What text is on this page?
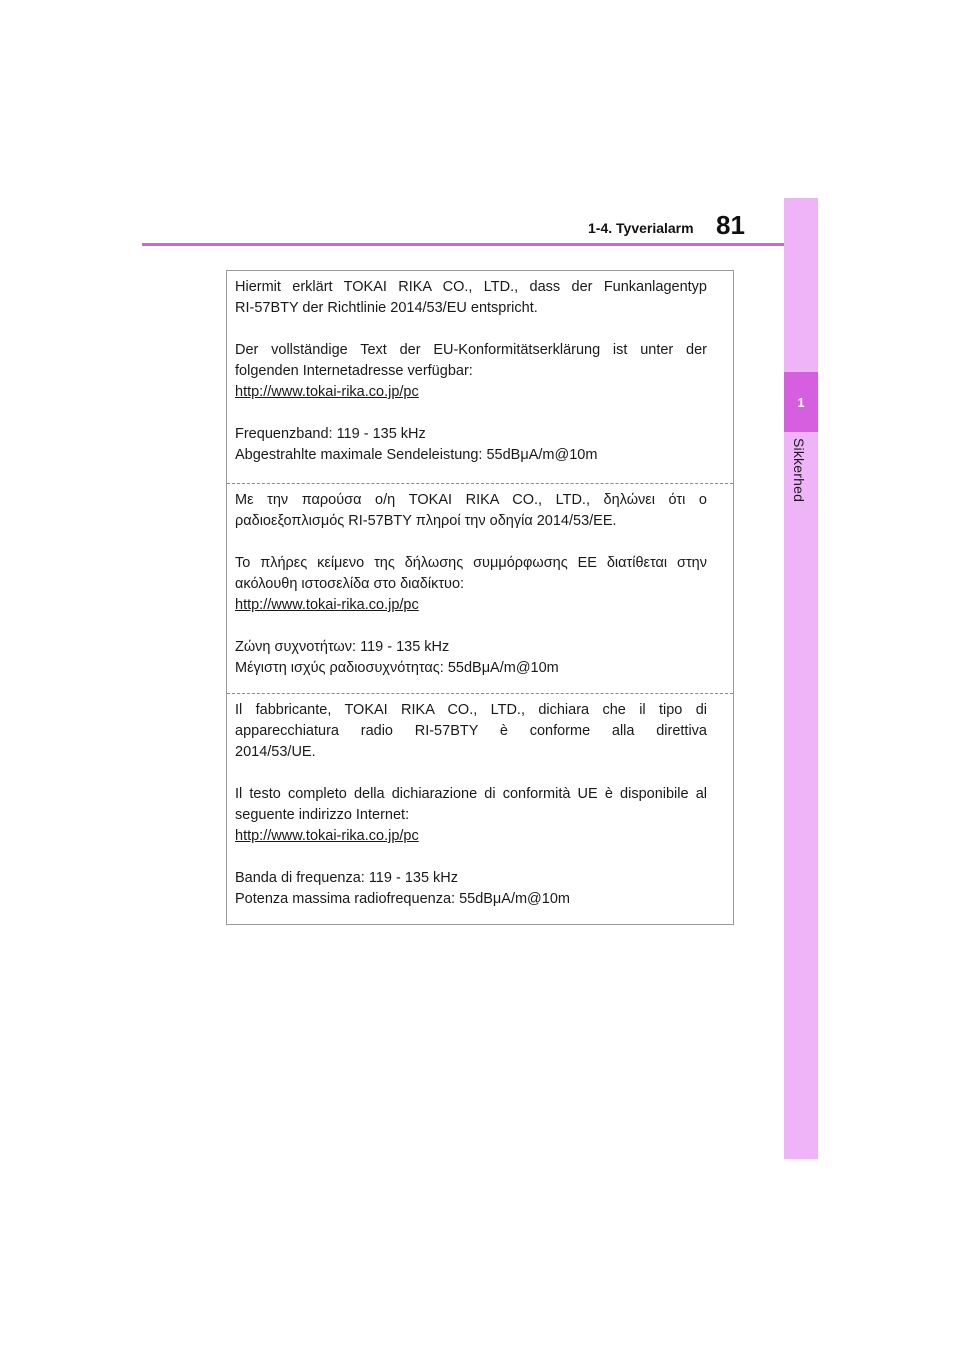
1-4. Tyverialarm 81
1
Sikkerhed

Hiermit erklärt TOKAI RIKA CO., LTD., dass der Funkanlagentyp

RI-57BTY der Richtlinie 2014/53/EU entspricht.

Der vollständige Text der EU-Konformitätserklärung ist unter der

folgenden Internetadresse verfügbar:

http://www.tokai-rika.co.jp/pc

Frequenzband: 119 - 135 kHz

Abgestrahlte maximale Sendeleistung: 55dBμA/m@10m

Με την παρούσα ο/η TOKAI RIKA CO., LTD., δηλώνει ότι ο

ραδιοεξοπλισμός RI-57BTY πληροί την οδηγία 2014/53/ΕΕ.

Το πλήρες κείμενο της δήλωσης συμμόρφωσης ΕΕ διατίθεται στην

ακόλουθη ιστοσελίδα στο διαδίκτυο:

http://www.tokai-rika.co.jp/pc

Ζώνη συχνοτήτων: 119 - 135 kHz

Μέγιστη ισχύς ραδιοσυχνότητας: 55dBμA/m@10m

Il fabbricante, TOKAI RIKA CO., LTD., dichiara che il tipo di

apparecchiatura radio RI-57BTY è conforme alla direttiva

2014/53/UE.

Il testo completo della dichiarazione di conformità UE è disponibile al

seguente indirizzo Internet:

http://www.tokai-rika.co.jp/pc

Banda di frequenza: 119 - 135 kHz

Potenza massima radiofrequenza: 55dBμA/m@10m
